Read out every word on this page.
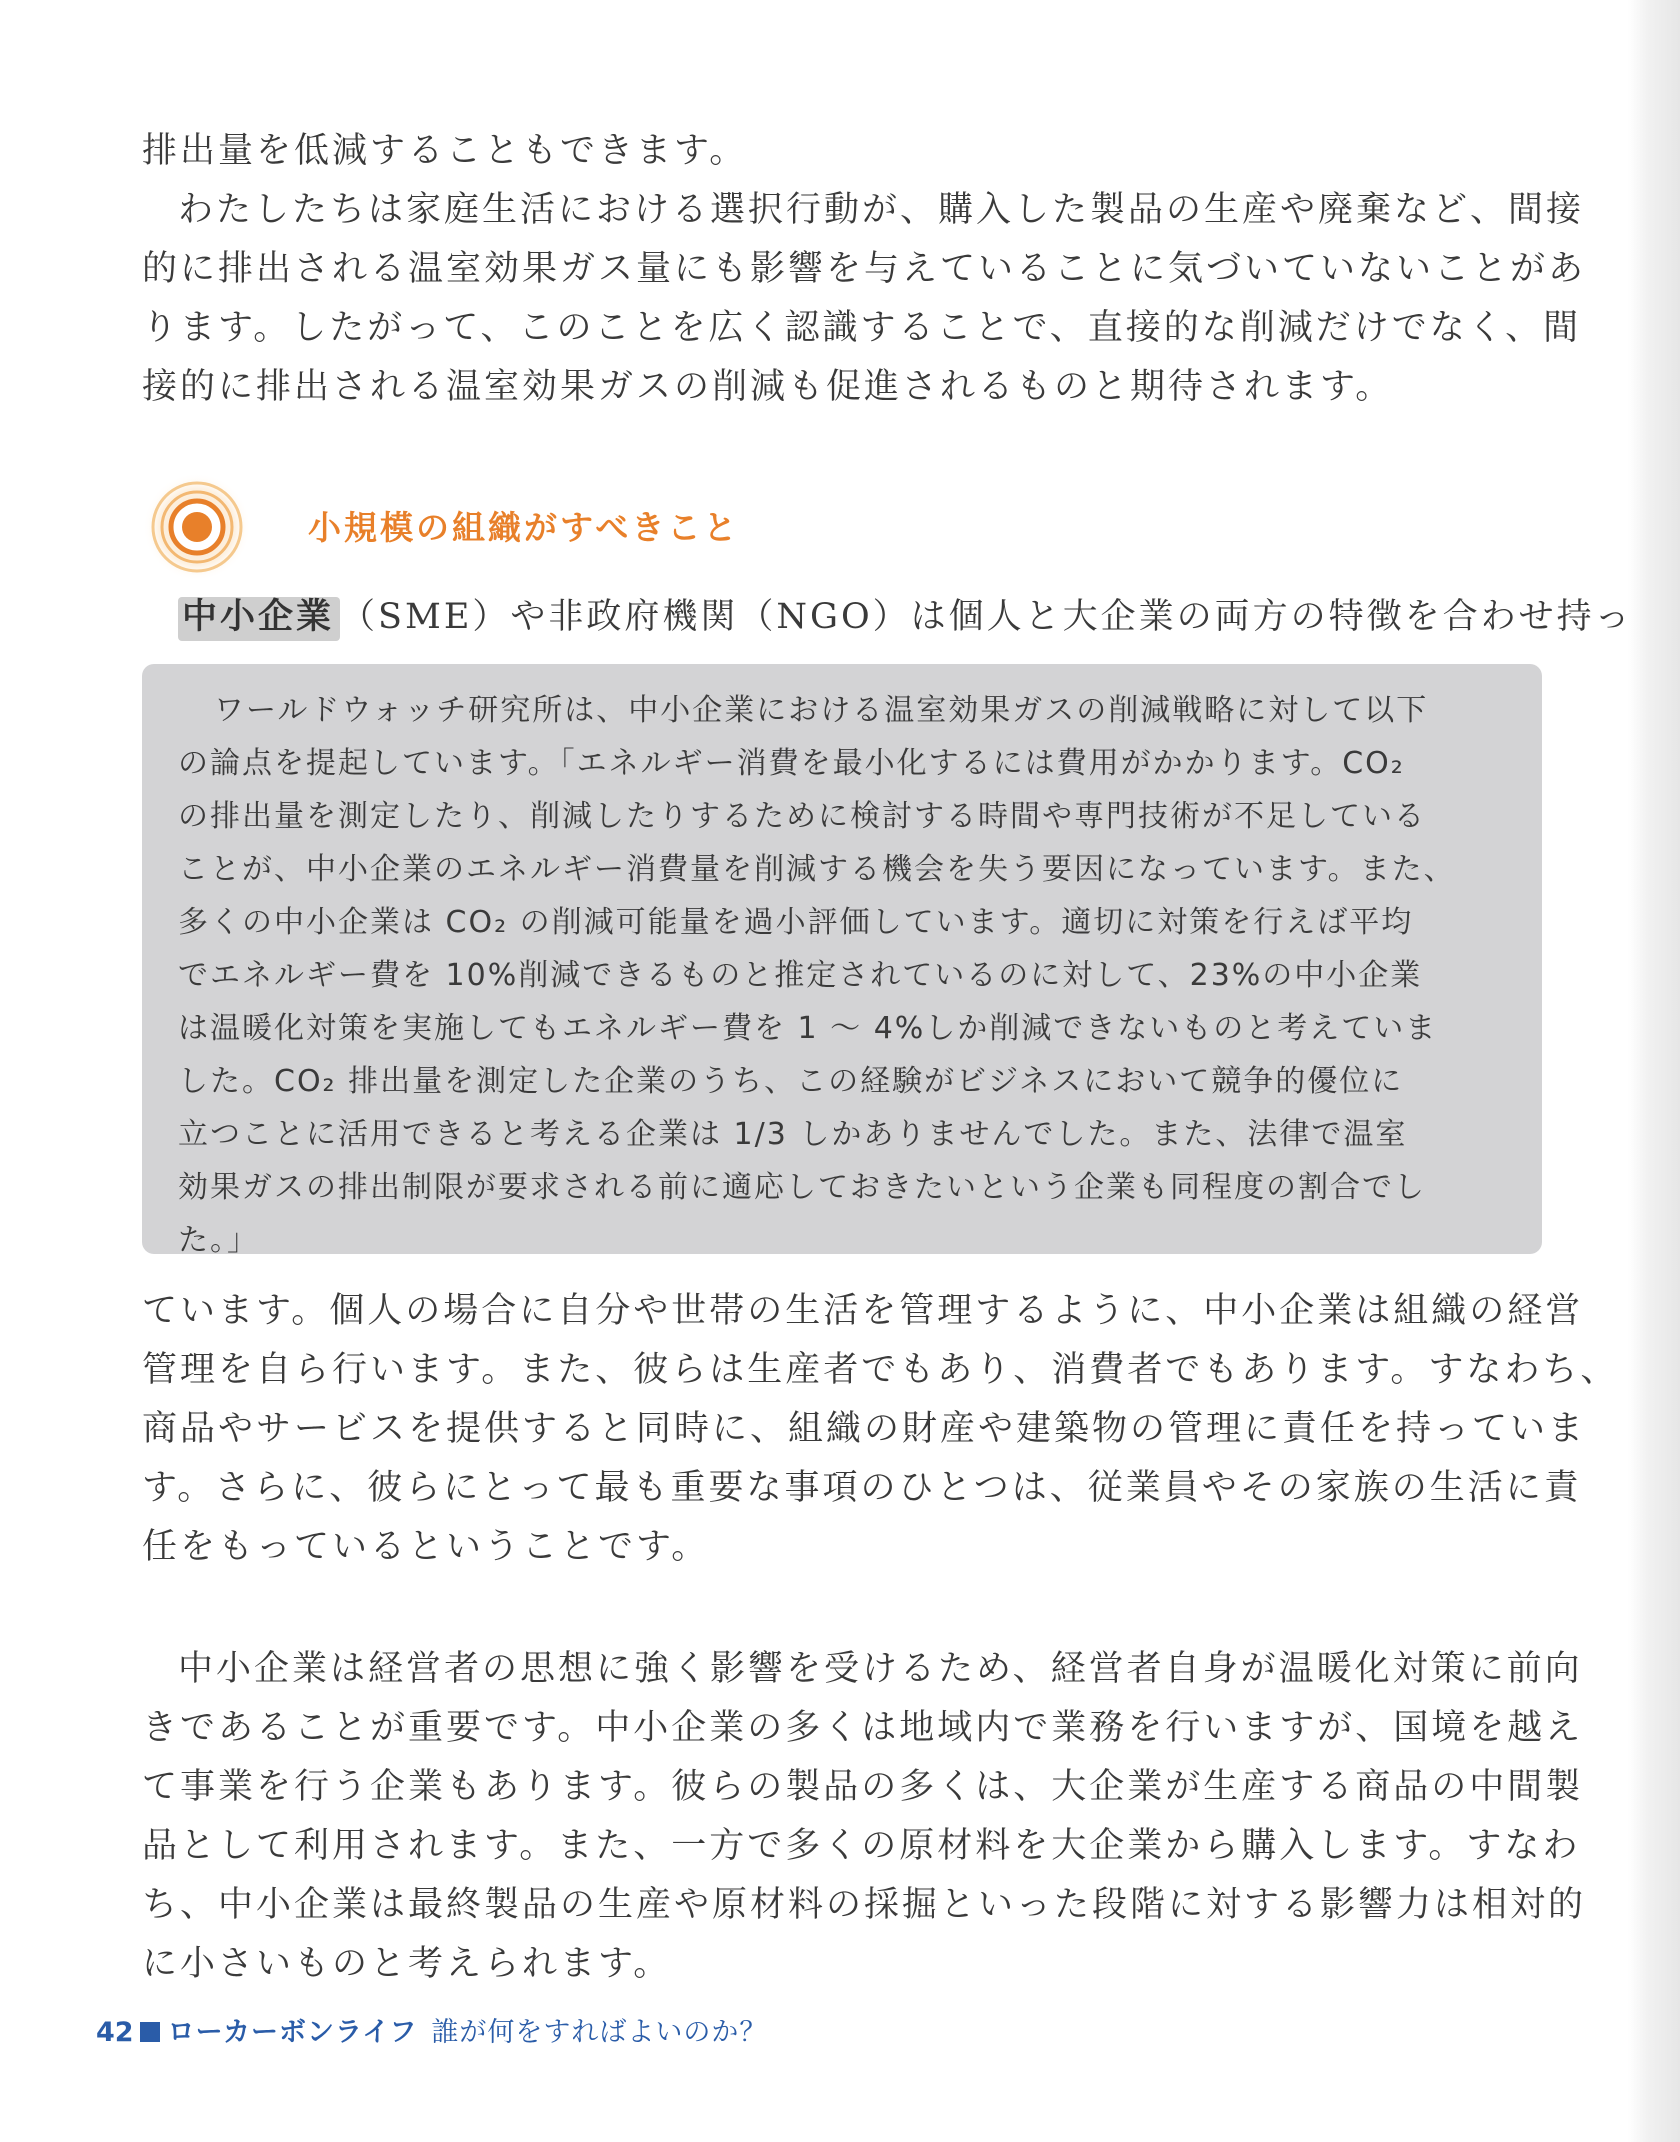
排出量を低減することもできます。
わたしたちは家庭生活における選択行動が、購入した製品の生産や廃棄など、間接
的に排出される温室効果ガス量にも影響を与えていることに気づいていないことがあ
ります。したがって、このことを広く認識することで、直接的な削減だけでなく、間
接的に排出される温室効果ガスの削減も促進されるものと期待されます。
小規模の組織がすべきこと
中小企業 （SME）や非政府機関（NGO）は個人と大企業の両方の特徴を合わせ持っ
ワールドウォッチ研究所は、中小企業における温室効果ガスの削減戦略に対して以下
の論点を提起しています。「エネルギー消費を最小化するには費用がかかります。CO₂
の排出量を測定したり、削減したりするために検討する時間や専門技術が不足している
ことが、中小企業のエネルギー消費量を削減する機会を失う要因になっています。また、
多くの中小企業は CO₂ の削減可能量を過小評価しています。適切に対策を行えば平均
でエネルギー費を 10%削減できるものと推定されているのに対して、23%の中小企業
は温暖化対策を実施してもエネルギー費を 1 ～ 4%しか削減できないものと考えていま
した。CO₂ 排出量を測定した企業のうち、この経験がビジネスにおいて競争的優位に
立つことに活用できると考える企業は 1/3 しかありませんでした。また、法律で温室
効果ガスの排出制限が要求される前に適応しておきたいという企業も同程度の割合でし
た。」
ています。個人の場合に自分や世帯の生活を管理するように、中小企業は組織の経営
管理を自ら行います。また、彼らは生産者でもあり、消費者でもあります。すなわち、
商品やサービスを提供すると同時に、組織の財産や建築物の管理に責任を持っていま
す。さらに、彼らにとって最も重要な事項のひとつは、従業員やその家族の生活に責
任をもっているということです。
中小企業は経営者の思想に強く影響を受けるため、経営者自身が温暖化対策に前向
きであることが重要です。中小企業の多くは地域内で業務を行いますが、国境を越え
て事業を行う企業もあります。彼らの製品の多くは、大企業が生産する商品の中間製
品として利用されます。また、一方で多くの原材料を大企業から購入します。すなわ
ち、中小企業は最終製品の生産や原材料の採掘といった段階に対する影響力は相対的
に小さいものと考えられます。
42 ローカーボンライフ 誰が何をすればよいのか？
